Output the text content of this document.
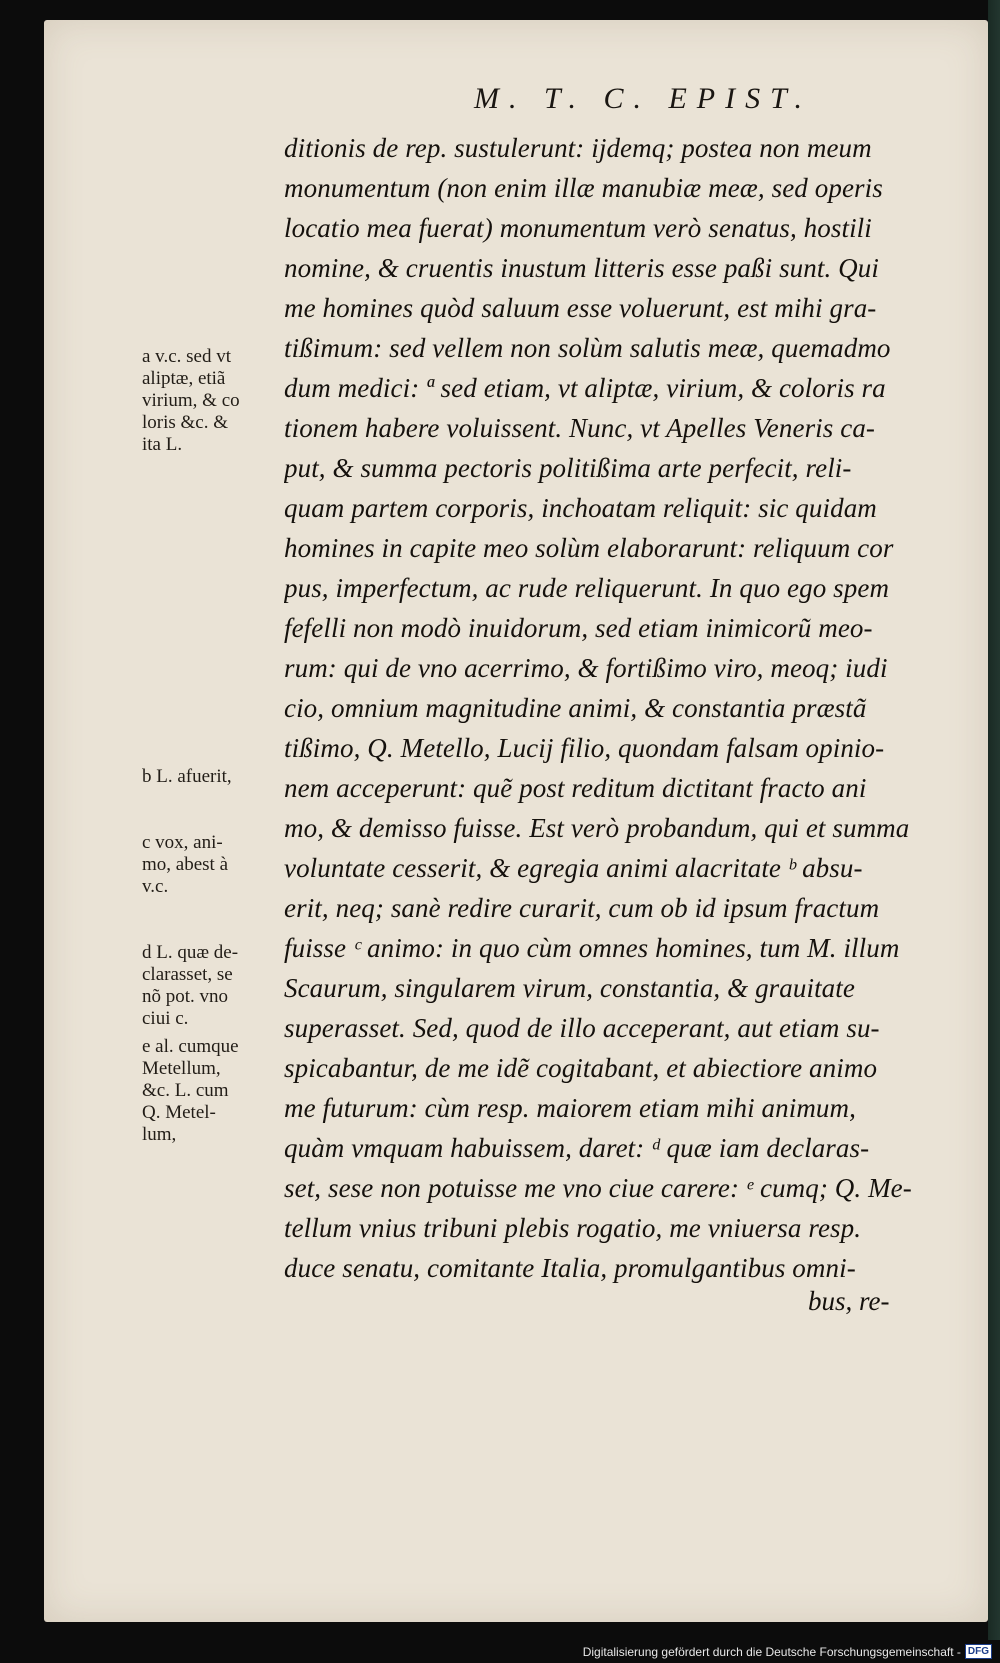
M. T. C. EPIST.
ditionis de rep. sustulerunt: ijdemq; postea non meum
monumentum (non enim illæ manubiæ meæ, sed operis
locatio mea fuerat) monumentum verò senatus, hostili
nomine, & cruentis inustum litteris esse paßi sunt. Qui
me homines quòd saluum esse voluerunt, est mihi gra-
tißimum: sed vellem non solùm salutis meæ, quemadmo
dum medici: ª sed etiam, vt aliptæ, virium, & coloris ra
tionem habere voluissent. Nunc, vt Apelles Veneris ca-
put, & summa pectoris politißima arte perfecit, reli-
quam partem corporis, inchoatam reliquit: sic quidam
homines in capite meo solùm elaborarunt: reliquum cor
pus, imperfectum, ac rude reliquerunt. In quo ego spem
fefelli non modò inuidorum, sed etiam inimicorũ meo-
rum: qui de vno acerrimo, & fortißimo viro, meoq; iudi
cio, omnium magnitudine animi, & constantia præstã
tißimo, Q. Metello, Lucij filio, quondam falsam opinio-
nem acceperunt: quẽ post reditum dictitant fracto ani
mo, & demisso fuisse. Est verò probandum, qui et summa
voluntate cesserit, & egregia animi alacritate ᵇ absu-
erit, neq; sanè redire curarit, cum ob id ipsum fractum
fuisse ᶜ animo: in quo cùm omnes homines, tum M. illum
Scaurum, singularem virum, constantia, & grauitate
superasset. Sed, quod de illo acceperant, aut etiam su-
spicabantur, de me idẽ cogitabant, et abiectiore animo
me futurum: cùm resp. maiorem etiam mihi animum,
quàm vmquam habuissem, daret: ᵈ quæ iam declaras-
set, sese non potuisse me vno ciue carere: ᵉ cumq; Q. Me-
tellum vnius tribuni plebis rogatio, me vniuersa resp.
duce senatu, comitante Italia, promulgantibus omni-
bus, re-
a v.c. sed vt
aliptæ, etiã
virium, & co
loris &c. &
ita L.
b L. afuerit,
c vox, ani-
mo, abest à
v.c.
d L. quæ de-
clarasset, se
nõ pot. vno
ciui c.
e al. cumque
Metellum,
&c. L. cum
Q. Metel-
lum,
Digitalisierung gefördert durch die Deutsche Forschungsgemeinschaft - DFG
